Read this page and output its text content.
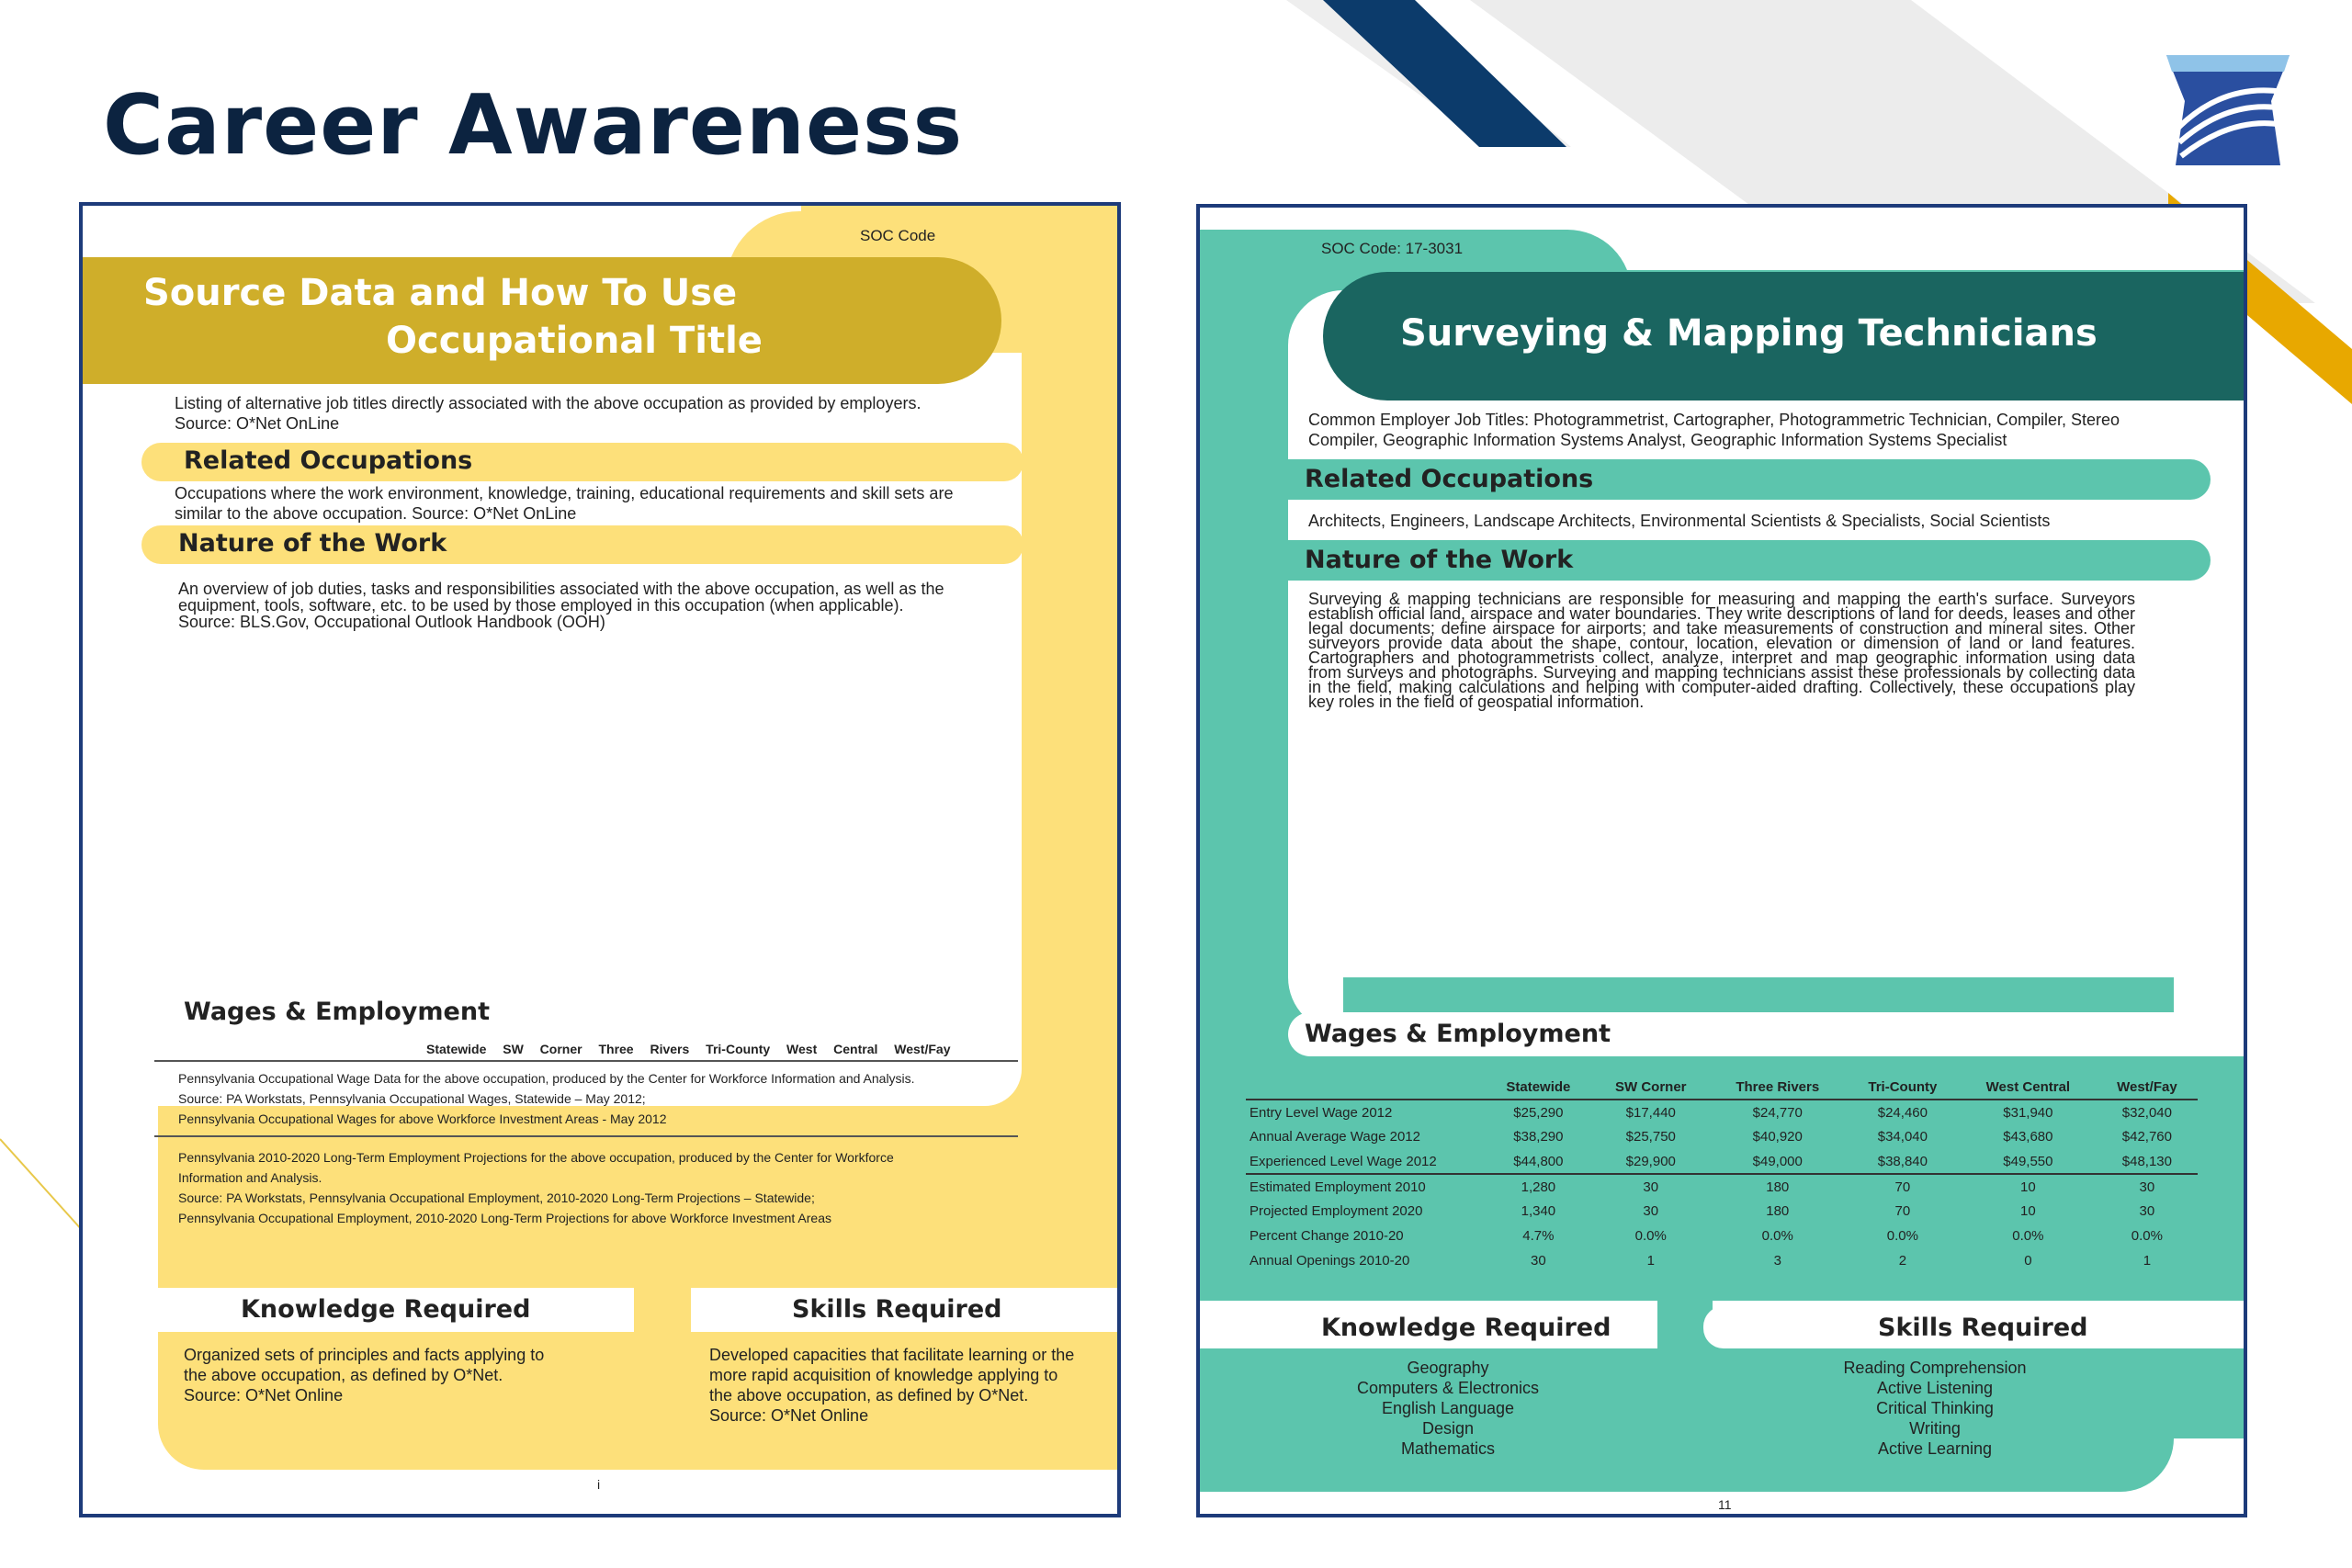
Career Awareness
SOC Code
Source Data and How To Use
Occupational Title
Listing of alternative job titles directly associated with the above occupation as provided by employers.
Source: O*Net OnLine
Related Occupations
Occupations where the work environment, knowledge, training, educational requirements and skill sets are
similar to the above occupation. Source: O*Net OnLine
Nature of the Work
An overview of job duties, tasks and responsibilities associated with the above occupation, as well as the
equipment, tools, software, etc. to be used by those employed in this occupation (when applicable).
Source: BLS.Gov, Occupational Outlook Handbook (OOH)
Wages & Employment
Statewide SW Corner Three Rivers Tri-County West Central West/Fay
Pennsylvania Occupational Wage Data for the above occupation, produced by the Center for Workforce Information and Analysis.
Source: PA Workstats, Pennsylvania Occupational Wages, Statewide – May 2012;
Pennsylvania Occupational Wages for above Workforce Investment Areas - May 2012
Pennsylvania 2010-2020 Long-Term Employment Projections for the above occupation, produced by the Center for Workforce
Information and Analysis.
Source: PA Workstats, Pennsylvania Occupational Employment, 2010-2020 Long-Term Projections – Statewide;
Pennsylvania Occupational Employment, 2010-2020 Long-Term Projections for above Workforce Investment Areas
Knowledge Required	Skills Required
Organized sets of principles and facts applying to
the above occupation, as defined by O*Net.
Source: O*Net Online
Developed capacities that facilitate learning or the
more rapid acquisition of knowledge applying to
the above occupation, as defined by O*Net.
Source: O*Net Online
i
SOC Code: 17-3031
Surveying & Mapping Technicians
Common Employer Job Titles: Photogrammetrist, Cartographer, Photogrammetric Technician, Compiler, Stereo
Compiler, Geographic Information Systems Analyst, Geographic Information Systems Specialist
Related Occupations
Architects, Engineers, Landscape Architects, Environmental Scientists & Specialists, Social Scientists
Nature of the Work
Surveying & mapping technicians are responsible for measuring and mapping the earth's surface. Surveyors establish official land, airspace and water boundaries. They write descriptions of land for deeds, leases and other legal documents; define airspace for airports; and take measurements of construction and mineral sites. Other surveyors provide data about the shape, contour, location, elevation or dimension of land or land features. Cartographers and photogrammetrists collect, analyze, interpret and map geographic information using data from surveys and photographs. Surveying and mapping technicians assist these professionals by collecting data in the field, making calculations and helping with computer-aided drafting. Collectively, these occupations play key roles in the field of geospatial information.
Wages & Employment
	Statewide	SW Corner	Three Rivers	Tri-County	West Central	West/Fay
Entry Level Wage 2012	$25,290	$17,440	$24,770	$24,460	$31,940	$32,040
Annual Average Wage 2012	$38,290	$25,750	$40,920	$34,040	$43,680	$42,760
Experienced Level Wage 2012	$44,800	$29,900	$49,000	$38,840	$49,550	$48,130
Estimated Employment 2010	1,280	30	180	70	10	30
Projected Employment 2020	1,340	30	180	70	10	30
Percent Change 2010-20	4.7%	0.0%	0.0%	0.0%	0.0%	0.0%
Annual Openings 2010-20	30	1	3	2	0	1
Knowledge Required	Skills Required
Geography
Computers & Electronics
English Language
Design
Mathematics
Reading Comprehension
Active Listening
Critical Thinking
Writing
Active Learning
11
